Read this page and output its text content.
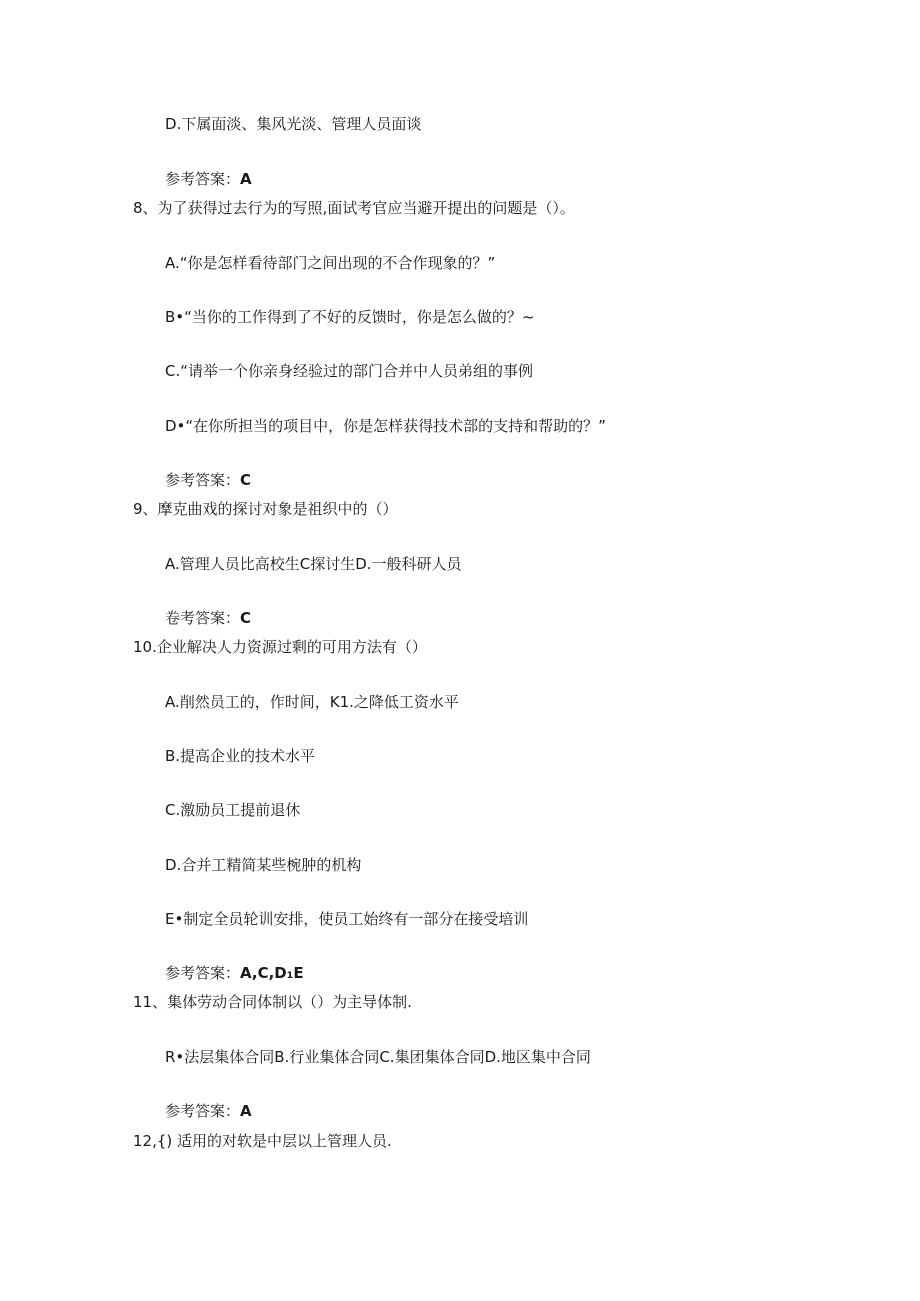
D.下属面淡、集风光淡、管理人员面谈
参考答案：A
8、为了获得过去行为的写照,面试考官应当避开提出的问题是（）。
A.“你是怎样看待部门之间出现的不合作现象的？”
B•“当你的工作得到了不好的反馈时，你是怎么做的？~
C.“请举一个你亲身经验过的部门合并中人员弟组的事例
D•“在你所担当的项目中，你是怎样获得技术部的支持和帮助的？”
参考答案：C
9、摩克曲戏的探讨对象是祖织中的（）
A.管理人员比高校生C探讨生D.一般科研人员
卷考答案：C
10.企业解决人力资源过剩的可用方法有（）
A.削然员工的，作时间，K1.之降低工资水平
B.提高企业的技术水平
C.激励员工提前退休
D.合并工精简某些椀肿的机构
E•制定全员轮训安排，使员工始终有一部分在接受培训
参考答案：A,C,D₁E
11、集体劳动合同体制以（）为主导体制.
R•法层集体合同B.行业集体合同C.集团集体合同D.地区集中合同
参考答案：A
12,{) 适用的对软是中层以上管理人员.
